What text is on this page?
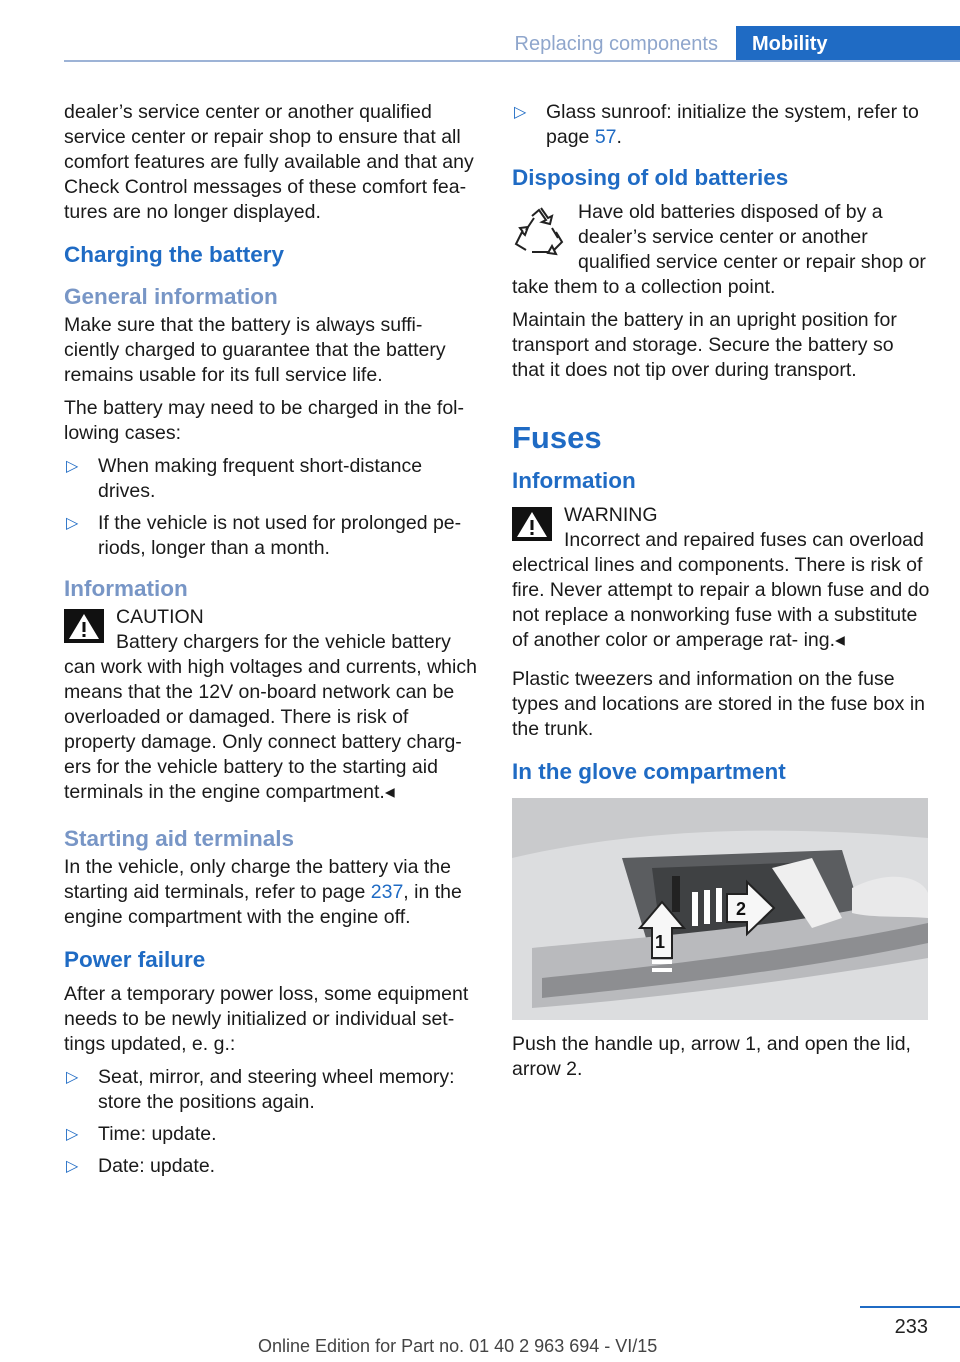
Replacing components	Mobility

dealer’s service center or another qualified service center or repair shop to ensure that all comfort features are fully available and that any Check Control messages of these comfort fea‐ tures are no longer displayed.

Charging the battery
General information

Make sure that the battery is always suffi‐ ciently charged to guarantee that the battery remains usable for its full service life.

The battery may need to be charged in the fol‐ lowing cases:

▷ When making frequent short-distance drives.
▷ If the vehicle is not used for prolonged pe‐ riods, longer than a month.
Information
CAUTION
Battery chargers for the vehicle battery can work with high voltages and currents, which means that the 12V on-board network can be overloaded or damaged. There is risk of property damage. Only connect battery charg‐ ers for the vehicle battery to the starting aid terminals in the engine compartment.◂
Starting aid terminals

In the vehicle, only charge the battery via the starting aid terminals, refer to page 237, in the engine compartment with the engine off.

Power failure

After a temporary power loss, some equipment needs to be newly initialized or individual set‐ tings updated, e. g.:

▷ Seat, mirror, and steering wheel memory: store the positions again.
▷ Time: update.
▷ Date: update.
▷ Glass sunroof: initialize the system, refer to page 57.
Disposing of old batteries

Have old batteries disposed of by a dealer’s service center or another qualified service center or repair shop or take them to a collection point.

Maintain the battery in an upright position for transport and storage. Secure the battery so that it does not tip over during transport.

Fuses
Information
WARNING
Incorrect and repaired fuses can overload electrical lines and components. There is risk of fire. Never attempt to repair a blown fuse and do not replace a nonworking fuse with a substitute of another color or amperage rat‐ ing.◂

Plastic tweezers and information on the fuse types and locations are stored in the fuse box in the trunk.

In the glove compartment
1
2

Push the handle up, arrow 1, and open the lid, arrow 2.

233
Online Edition for Part no. 01 40 2 963 694 - VI/15
